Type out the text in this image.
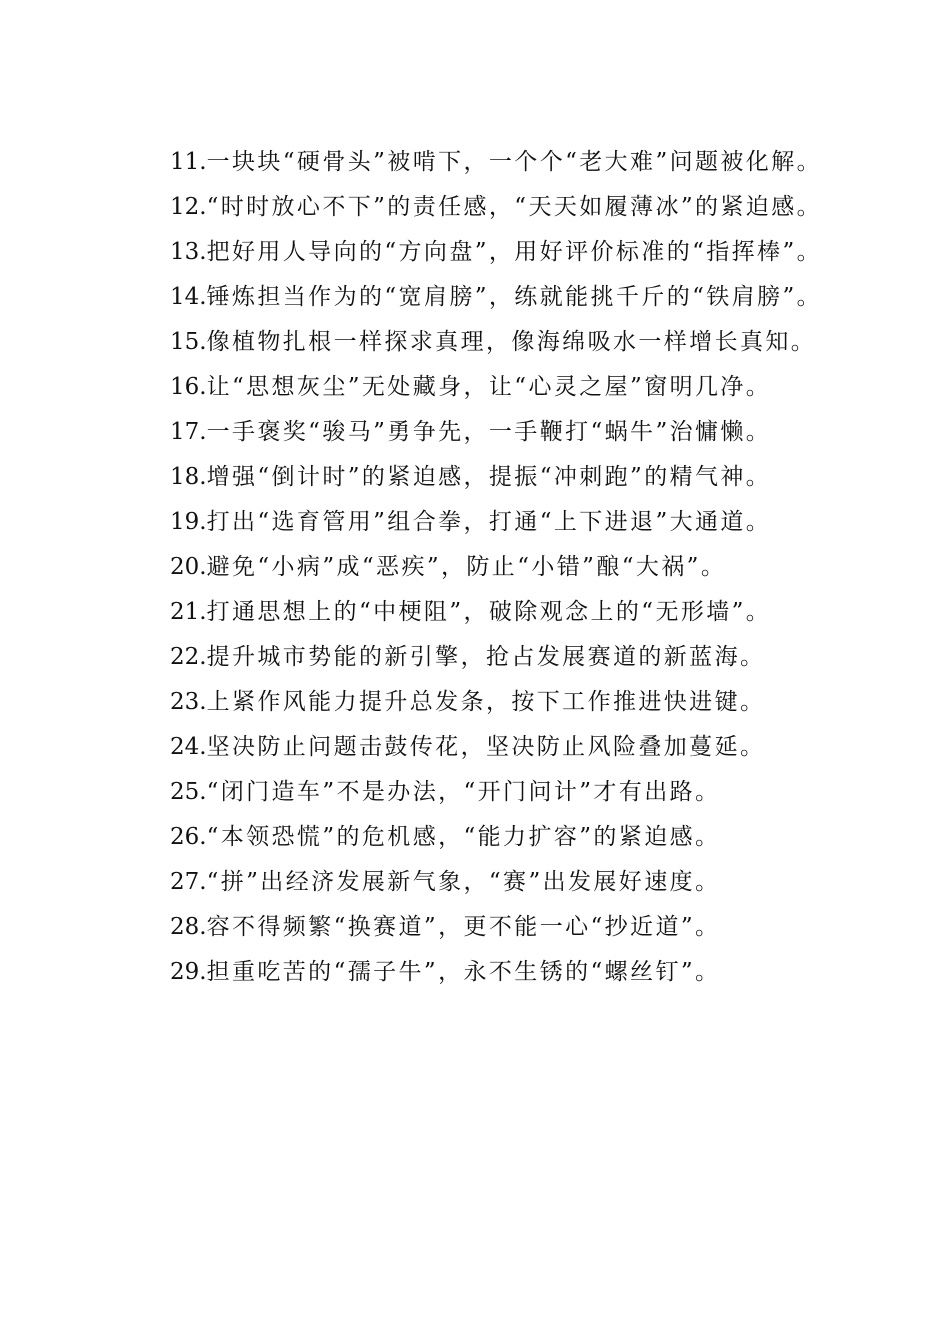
11.一块块“硬骨头”被啃下，一个个“老大难”问题被化解。

12.“时时放心不下”的责任感，“天天如履薄冰”的紧迫感。

13.把好用人导向的“方向盘”，用好评价标准的“指挥棒”。

14.锤炼担当作为的“宽肩膀”，练就能挑千斤的“铁肩膀”。

15.像植物扎根一样探求真理，像海绵吸水一样增长真知。

16.让“思想灰尘”无处藏身，让“心灵之屋”窗明几净。

17.一手褒奖“骏马”勇争先，一手鞭打“蜗牛”治慵懒。

18.增强“倒计时”的紧迫感，提振“冲刺跑”的精气神。

19.打出“选育管用”组合拳，打通“上下进退”大通道。

20.避免“小病”成“恶疾”，防止“小错”酿“大祸”。

21.打通思想上的“中梗阻”，破除观念上的“无形墙”。

22.提升城市势能的新引擎，抢占发展赛道的新蓝海。

23.上紧作风能力提升总发条，按下工作推进快进键。

24.坚决防止问题击鼓传花，坚决防止风险叠加蔓延。

25.“闭门造车”不是办法，“开门问计”才有出路。

26.“本领恐慌”的危机感，“能力扩容”的紧迫感。

27.“拼”出经济发展新气象，“赛”出发展好速度。

28.容不得频繁“换赛道”，更不能一心“抄近道”。

29.担重吃苦的“孺子牛”，永不生锈的“螺丝钉”。
